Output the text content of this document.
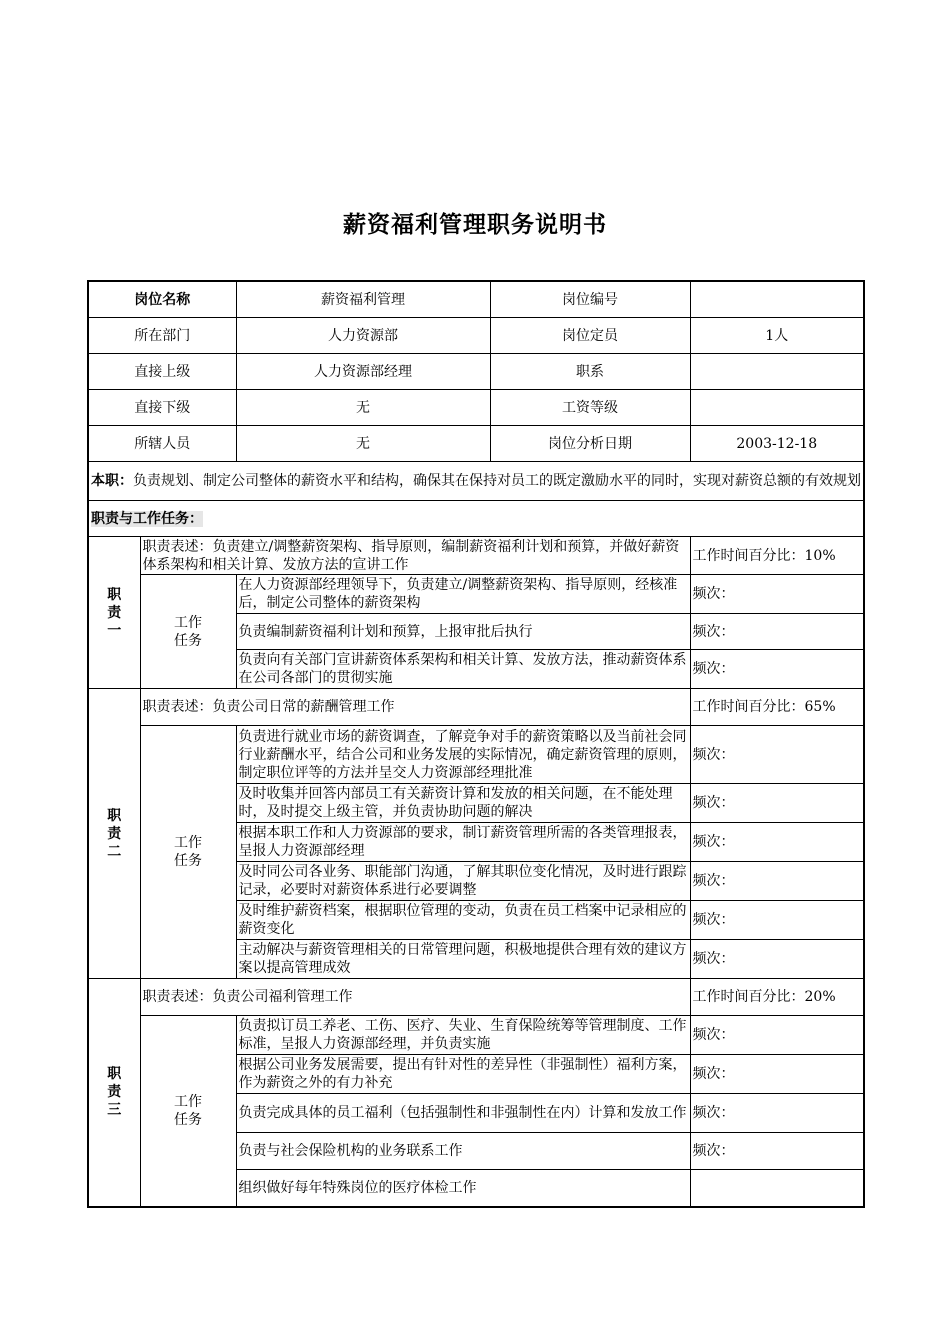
薪资福利管理职务说明书
岗位名称		薪资福利管理	岗位编号	
所在部门		人力资源部	岗位定员	1人
直接上级		人力资源部经理	职系	
直接下级		无	工资等级	
所辖人员		无	岗位分析日期	2003-12-18
本职：负责规划、制定公司整体的薪资水平和结构，确保其在保持对员工的既定激励水平的同时，实现对薪资总额的有效规划				
职责与工作任务：				
职责一	职责表述：负责建立/调整薪资架构、指导原则，编制薪资福利计划和预算，并做好薪资体系架构和相关计算、发放方法的宣讲工作			工作时间百分比：10%
	工作任务	在人力资源部经理领导下，负责建立/调整薪资架构、指导原则，经核准后，制定公司整体的薪资架构		频次：
		负责编制薪资福利计划和预算，上报审批后执行		频次：
		负责向有关部门宣讲薪资体系架构和相关计算、发放方法，推动薪资体系在公司各部门的贯彻实施		频次：
职责二	职责表述：负责公司日常的薪酬管理工作			工作时间百分比：65%
	工作任务	负责进行就业市场的薪资调查，了解竞争对手的薪资策略以及当前社会同行业薪酬水平，结合公司和业务发展的实际情况，确定薪资管理的原则，制定职位评等的方法并呈交人力资源部经理批准		频次：
		及时收集并回答内部员工有关薪资计算和发放的相关问题，在不能处理时，及时提交上级主管，并负责协助问题的解决		频次：
		根据本职工作和人力资源部的要求，制订薪资管理所需的各类管理报表，呈报人力资源部经理		频次：
		及时同公司各业务、职能部门沟通，了解其职位变化情况，及时进行跟踪记录，必要时对薪资体系进行必要调整		频次：
		及时维护薪资档案，根据职位管理的变动，负责在员工档案中记录相应的薪资变化		频次：
		主动解决与薪资管理相关的日常管理问题，积极地提供合理有效的建议方案以提高管理成效		频次：
职责三	职责表述：负责公司福利管理工作			工作时间百分比：20%
	工作任务	负责拟订员工养老、工伤、医疗、失业、生育保险统筹等管理制度、工作标准，呈报人力资源部经理，并负责实施		频次：
		根据公司业务发展需要，提出有针对性的差异性（非强制性）福利方案，作为薪资之外的有力补充		频次：
		负责完成具体的员工福利（包括强制性和非强制性在内）计算和发放工作		频次：
		负责与社会保险机构的业务联系工作		频次：
		组织做好每年特殊岗位的医疗体检工作		
